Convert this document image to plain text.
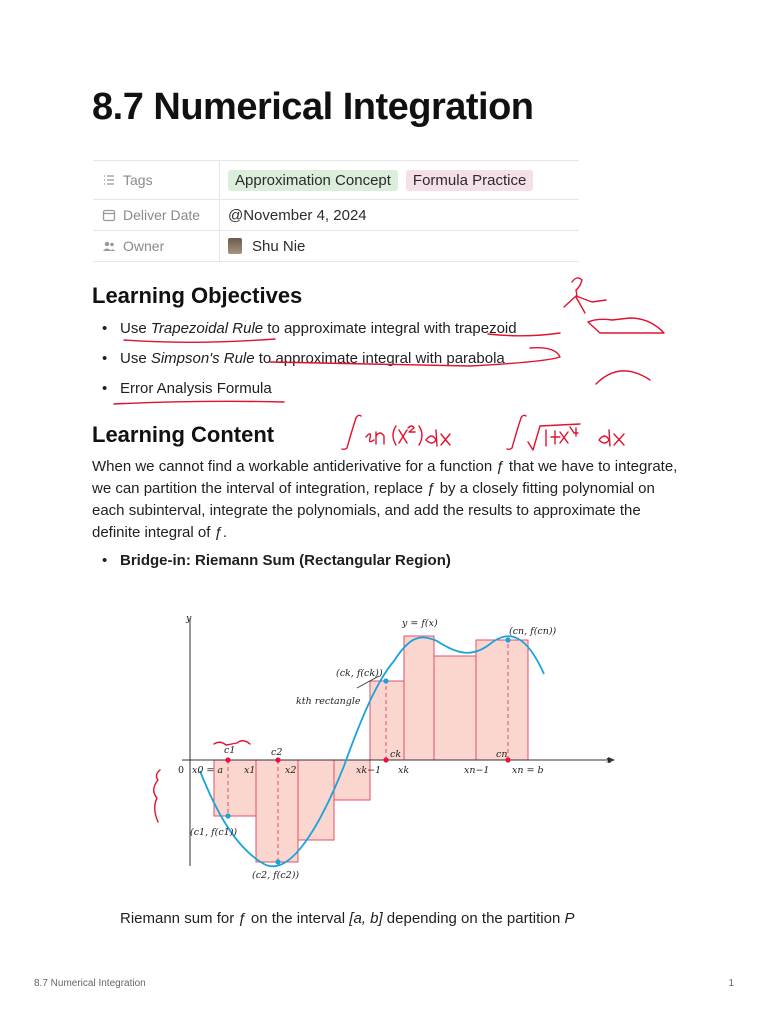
8.7 Numerical Integration
Tags	Approximation Concept	Formula Practice
Deliver Date @November 4, 2024
Owner	Shu Nie
Learning Objectives
• Use Trapezoidal Rule to approximate integral with trapezoid
• Use Simpson's Rule to approximate integral with parabola
• Error Analysis Formula
Learning Content

When we cannot find a workable antiderivative for a function ƒ that we have to integrate, we can partition the interval of integration, replace ƒ by a closely fitting polynomial on each subinterval, integrate the polynomials, and add the results to approximate the definite integral of ƒ.

• Bridge-in: Riemann Sum (Rectangular Region)
y
x
0
y = f(x)
(cn, f(cn))
(ck, f(ck))
kth rectangle
c1	c2	ck	cn
x0 = a x1	x2	xk−1 xk	xn−1 xn = b
(c1, f(c1))
(c2, f(c2))
Riemann sum for ƒ on the interval [a, b] depending on the partition P
8.7 Numerical Integration	1
